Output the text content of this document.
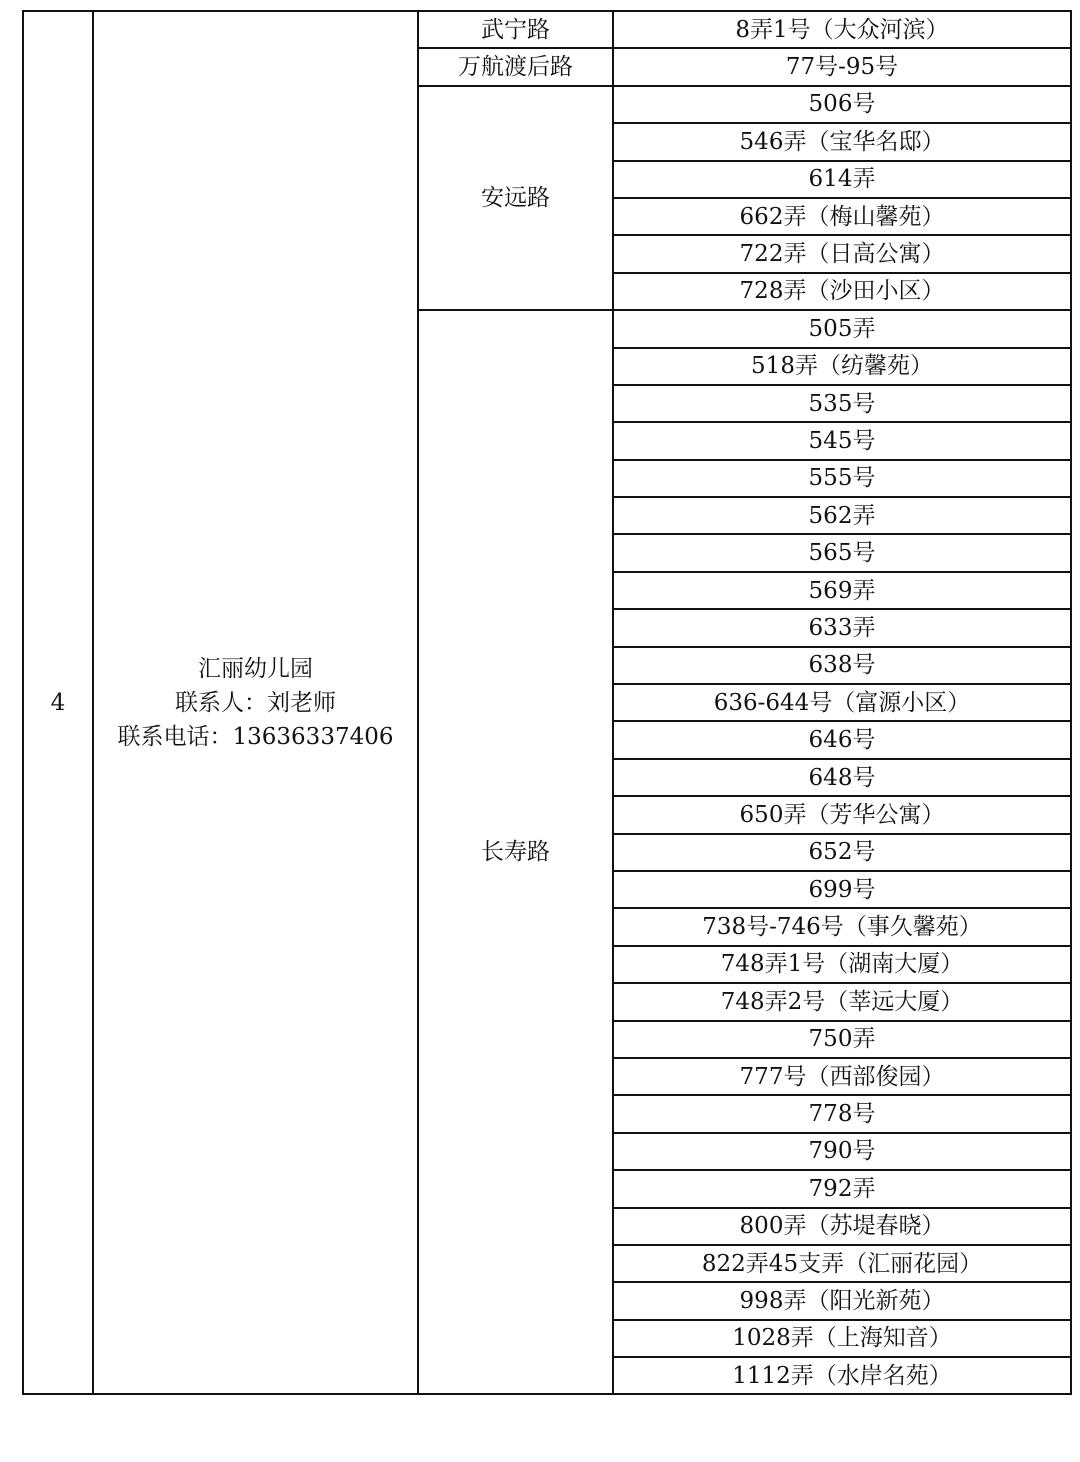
4	汇丽幼儿园
联系人：刘老师
联系电话：13636337406	武宁路	8弄1号（大众河滨）
		万航渡后路	77号-95号
		安远路	506号
			546弄（宝华名邸）
			614弄
			662弄（梅山馨苑）
			722弄（日高公寓）
			728弄（沙田小区）
		长寿路	505弄
			518弄（纺馨苑）
			535号
			545号
			555号
			562弄
			565号
			569弄
			633弄
			638号
			636-644号（富源小区）
			646号
			648号
			650弄（芳华公寓）
			652号
			699号
			738号-746号（事久馨苑）
			748弄1号（湖南大厦）
			748弄2号（莘远大厦）
			750弄
			777号（西部俊园）
			778号
			790号
			792弄
			800弄（苏堤春晓）
			822弄45支弄（汇丽花园）
			998弄（阳光新苑）
			1028弄（上海知音）
			1112弄（水岸名苑）
